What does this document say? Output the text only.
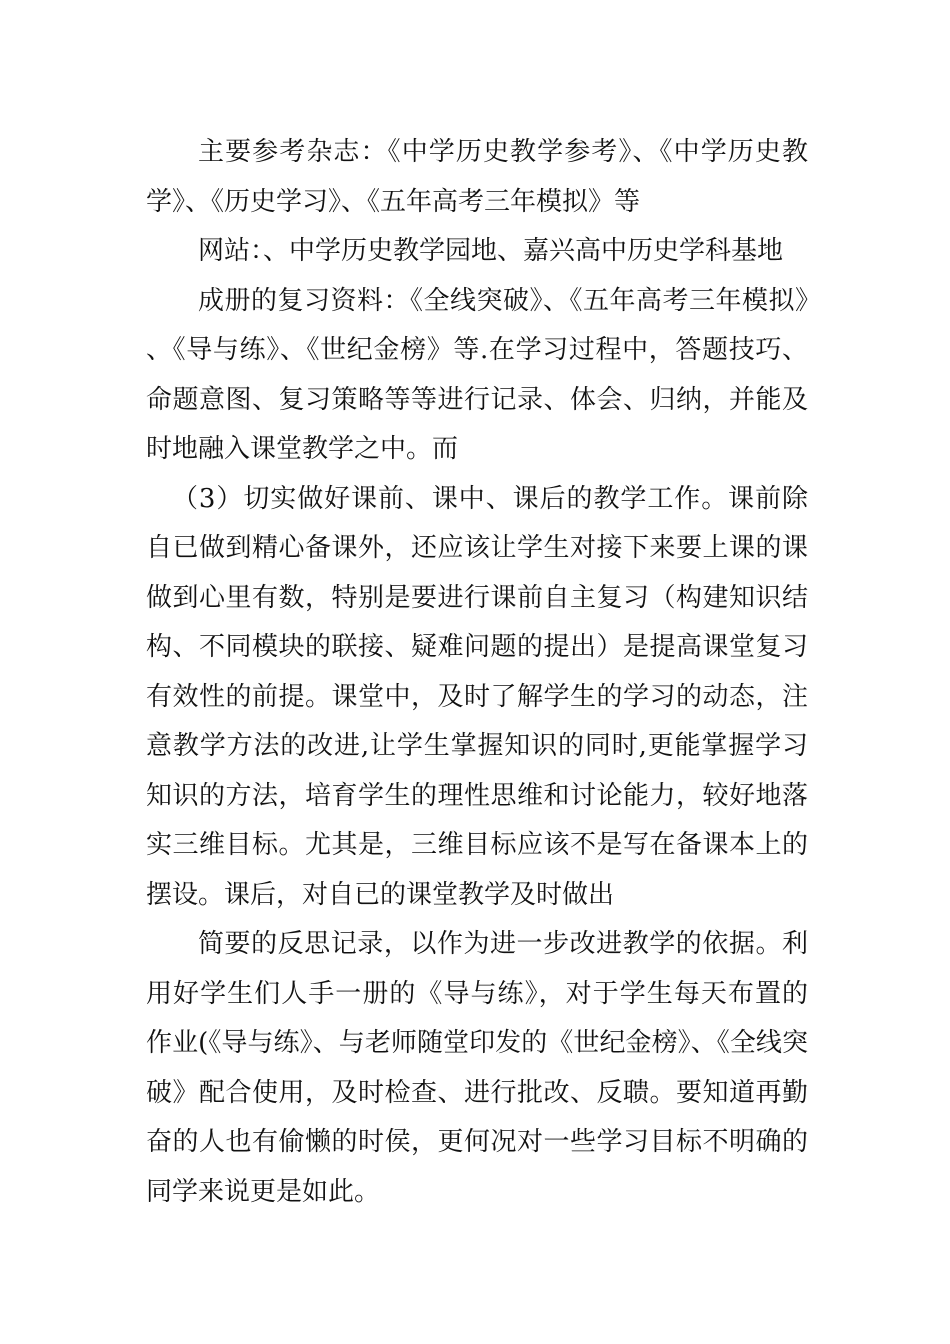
主要参考杂志：《中学历史教学参考》、《中学历史教学》、《历史学习》、《五年高考三年模拟》等

网站：、中学历史教学园地、嘉兴高中历史学科基地

成册的复习资料：《全线突破》、《五年高考三年模拟》、《导与练》、《世纪金榜》等.在学习过程中，答题技巧、命题意图、复习策略等等进行记录、体会、归纳，并能及时地融入课堂教学之中。而

（3）切实做好课前、课中、课后的教学工作。课前除自已做到精心备课外，还应该让学生对接下来要上课的课做到心里有数，特别是要进行课前自主复习（构建知识结构、不同模块的联接、疑难问题的提出）是提高课堂复习有效性的前提。课堂中，及时了解学生的学习的动态，注意教学方法的改进,让学生掌握知识的同时,更能掌握学习知识的方法，培育学生的理性思维和讨论能力，较好地落实三维目标。尤其是，三维目标应该不是写在备课本上的摆设。课后，对自已的课堂教学及时做出

简要的反思记录，以作为进一步改进教学的依据。利用好学生们人手一册的《导与练》，对于学生每天布置的作业(《导与练》、与老师随堂印发的《世纪金榜》、《全线突破》配合使用，及时检查、进行批改、反聩。要知道再勤奋的人也有偷懒的时侯，更何况对一些学习目标不明确的同学来说更是如此。
